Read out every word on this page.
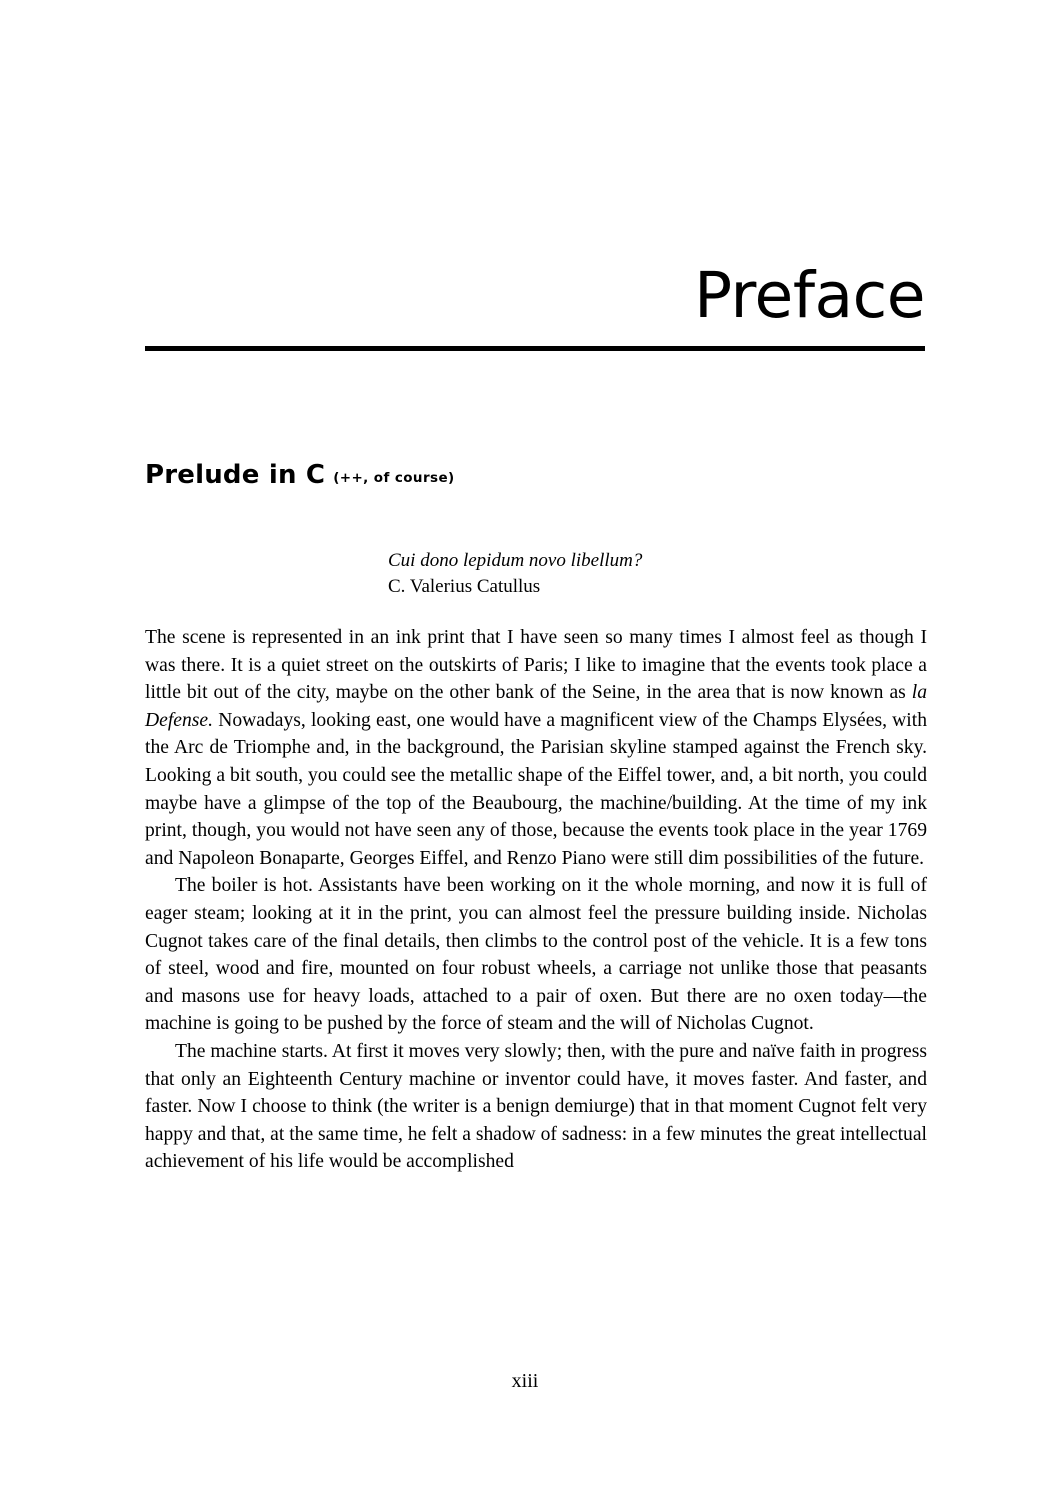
Preface
Prelude in C (++, of course)
Cui dono lepidum novo libellum?
C. Valerius Catullus

The scene is represented in an ink print that I have seen so many times I almost feel as though I was there. It is a quiet street on the outskirts of Paris; I like to imagine that the events took place a little bit out of the city, maybe on the other bank of the Seine, in the area that is now known as la Defense. Nowadays, looking east, one would have a magnificent view of the Champs Elysées, with the Arc de Triomphe and, in the background, the Parisian skyline stamped against the French sky. Looking a bit south, you could see the metallic shape of the Eiffel tower, and, a bit north, you could maybe have a glimpse of the top of the Beaubourg, the machine/building. At the time of my ink print, though, you would not have seen any of those, because the events took place in the year 1769 and Napoleon Bonaparte, Georges Eiffel, and Renzo Piano were still dim possibilities of the future.

The boiler is hot. Assistants have been working on it the whole morning, and now it is full of eager steam; looking at it in the print, you can almost feel the pressure building inside. Nicholas Cugnot takes care of the final details, then climbs to the control post of the vehicle. It is a few tons of steel, wood and fire, mounted on four robust wheels, a carriage not unlike those that peasants and masons use for heavy loads, attached to a pair of oxen. But there are no oxen today—the machine is going to be pushed by the force of steam and the will of Nicholas Cugnot.

The machine starts. At first it moves very slowly; then, with the pure and naïve faith in progress that only an Eighteenth Century machine or inventor could have, it moves faster. And faster, and faster. Now I choose to think (the writer is a benign demiurge) that in that moment Cugnot felt very happy and that, at the same time, he felt a shadow of sadness: in a few minutes the great intellectual achievement of his life would be accomplished

xiii
